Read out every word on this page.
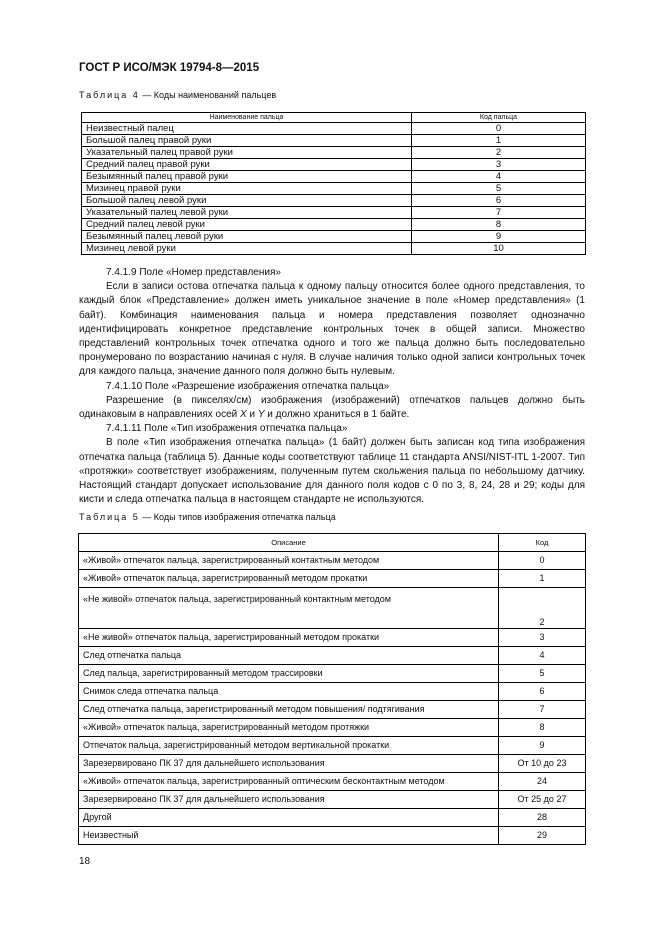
ГОСТ Р ИСО/МЭК 19794-8—2015
Таблица 4 — Коды наименований пальцев
Наименование пальца	Код пальца
Неизвестный палец	0
Большой палец правой руки	1
Указательный палец правой руки	2
Средний палец правой руки	3
Безымянный палец правой руки	4
Мизинец правой руки	5
Большой палец левой руки	6
Указательный палец левой руки	7
Средний палец левой руки	8
Безымянный палец левой руки	9
Мизинец левой руки	10

7.4.1.9 Поле «Номер представления»

Если в записи остова отпечатка пальца к одному пальцу относится более одного представления, то каждый блок «Представление» должен иметь уникальное значение в поле «Номер представления» (1 байт). Комбинация наименования пальца и номера представления позволяет однозначно идентифицировать конкретное представление контрольных точек в общей записи. Множество представлений контрольных точек отпечатка одного и того же пальца должно быть последовательно пронумеровано по возрастанию начиная с нуля. В случае наличия только одной записи контрольных точек для каждого пальца, значение данного поля должно быть нулевым.

7.4.1.10 Поле «Разрешение изображения отпечатка пальца»

Разрешение (в пикселях/см) изображения (изображений) отпечатков пальцев должно быть одинаковым в направлениях осей X и Y и должно храниться в 1 байте.

7.4.1.11 Поле «Тип изображения отпечатка пальца»

В поле «Тип изображения отпечатка пальца» (1 байт) должен быть записан код типа изображения отпечатка пальца (таблица 5). Данные коды соответствуют таблице 11 стандарта ANSI/NIST-ITL 1-2007. Тип «протяжки» соответствует изображениям, полученным путем скольжения пальца по небольшому датчику. Настоящий стандарт допускает использование для данного поля кодов с 0 по 3, 8, 24, 28 и 29; коды для кисти и следа отпечатка пальца в настоящем стандарте не используются.

Таблица 5 — Коды типов изображения отпечатка пальца
Описание	Код
«Живой» отпечаток пальца, зарегистрированный контактным методом	0
«Живой» отпечаток пальца, зарегистрированный методом прокатки	1
«Не живой» отпечаток пальца, зарегистрированный контактным методом	2
«Не живой» отпечаток пальца, зарегистрированный методом прокатки	3
След отпечатка пальца	4
След пальца, зарегистрированный методом трассировки	5
Снимок следа отпечатка пальца	6
След отпечатка пальца, зарегистрированный методом повышения/ подтягивания	7
«Живой» отпечаток пальца, зарегистрированный методом протяжки	8
Отпечаток пальца, зарегистрированный методом вертикальной прокатки	9
Зарезервировано ПК 37 для дальнейшего использования	От 10 до 23
«Живой» отпечаток пальца, зарегистрированный оптическим бесконтактным методом	24
Зарезервировано ПК 37 для дальнейшего использования	От 25 до 27
Другой	28
Неизвестный	29
18
